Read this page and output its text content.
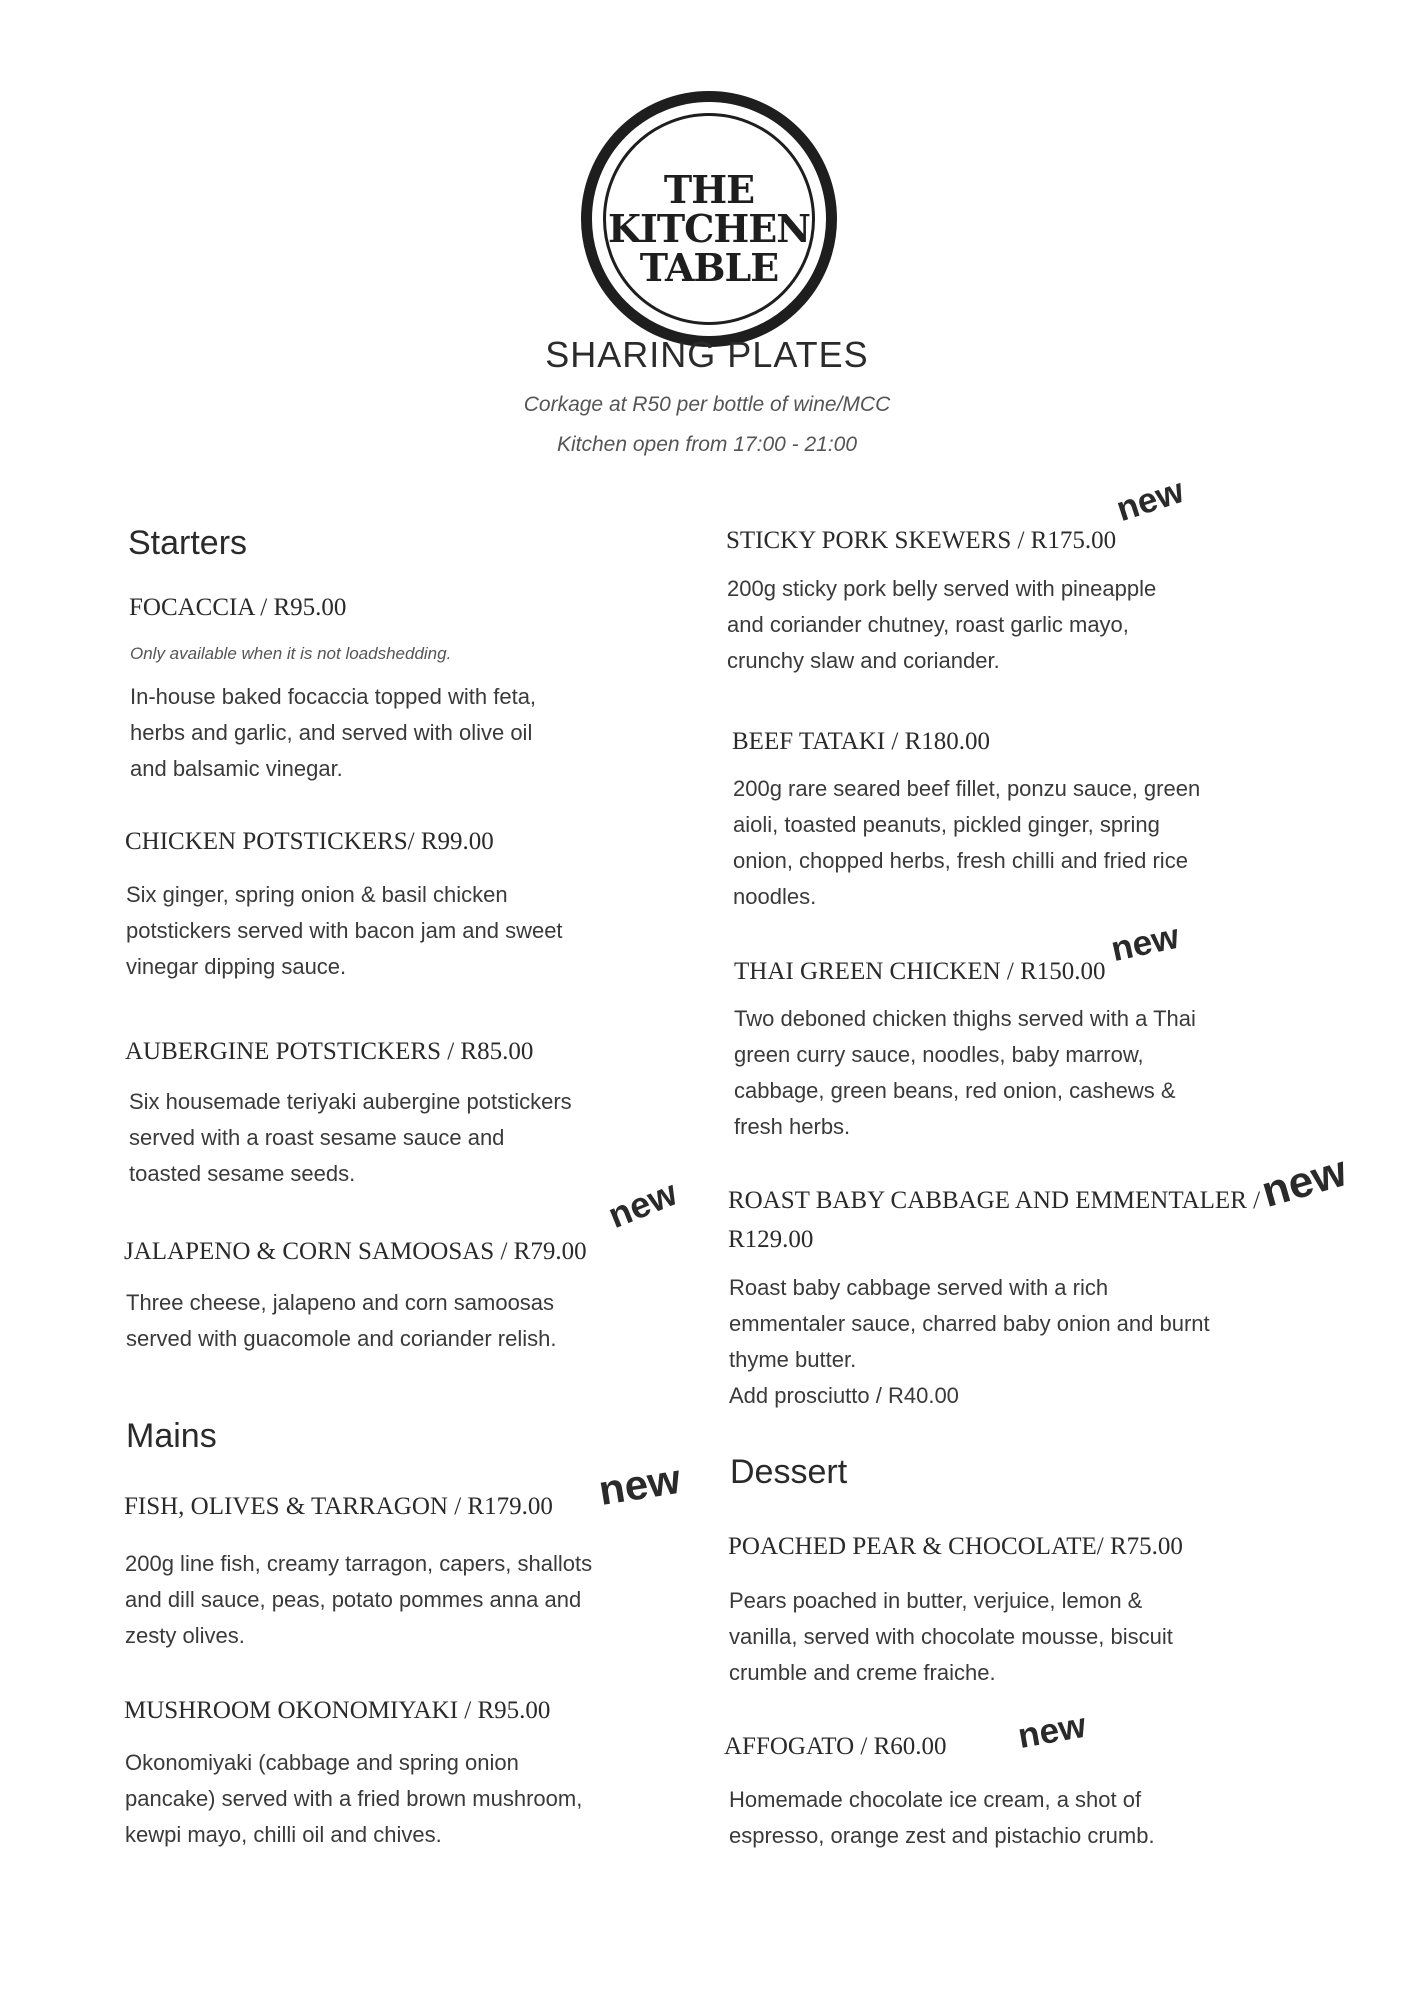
THE
KITCHEN
TABLE
SHARING PLATES
Corkage at R50 per bottle of wine/MCC
Kitchen open from 17:00 - 21:00
Starters
FOCACCIA / R95.00
Only available when it is not loadshedding.
In-house baked focaccia topped with feta,
herbs and garlic, and served with olive oil
and balsamic vinegar.
CHICKEN POTSTICKERS/ R99.00
Six ginger, spring onion & basil chicken
potstickers served with bacon jam and sweet
vinegar dipping sauce.
AUBERGINE POTSTICKERS / R85.00
Six housemade teriyaki aubergine potstickers
served with a roast sesame sauce and
toasted sesame seeds.	new
JALAPENO & CORN SAMOOSAS / R79.00
Three cheese, jalapeno and corn samoosas
served with guacomole and coriander relish.
Mains
new
FISH, OLIVES & TARRAGON / R179.00
200g line fish, creamy tarragon, capers, shallots
and dill sauce, peas, potato pommes anna and
zesty olives.
MUSHROOM OKONOMIYAKI / R95.00
Okonomiyaki (cabbage and spring onion
pancake) served with a fried brown mushroom,
kewpi mayo, chilli oil and chives.
new
STICKY PORK SKEWERS / R175.00
200g sticky pork belly served with pineapple
and coriander chutney, roast garlic mayo,
crunchy slaw and coriander.
BEEF TATAKI / R180.00
200g rare seared beef fillet, ponzu sauce, green
aioli, toasted peanuts, pickled ginger, spring
onion, chopped herbs, fresh chilli and fried rice
noodles.
new
THAI GREEN CHICKEN / R150.00
Two deboned chicken thighs served with a Thai
green curry sauce, noodles, baby marrow,
cabbage, green beans, red onion, cashews &
fresh herbs.
new
ROAST BABY CABBAGE AND EMMENTALER /
R129.00
Roast baby cabbage served with a rich
emmentaler sauce, charred baby onion and burnt
thyme butter.
Add prosciutto / R40.00
Dessert
POACHED PEAR & CHOCOLATE/ R75.00
Pears poached in butter, verjuice, lemon &
vanilla, served with chocolate mousse, biscuit
crumble and creme fraiche.
new
AFFOGATO / R60.00
Homemade chocolate ice cream, a shot of
espresso, orange zest and pistachio crumb.
